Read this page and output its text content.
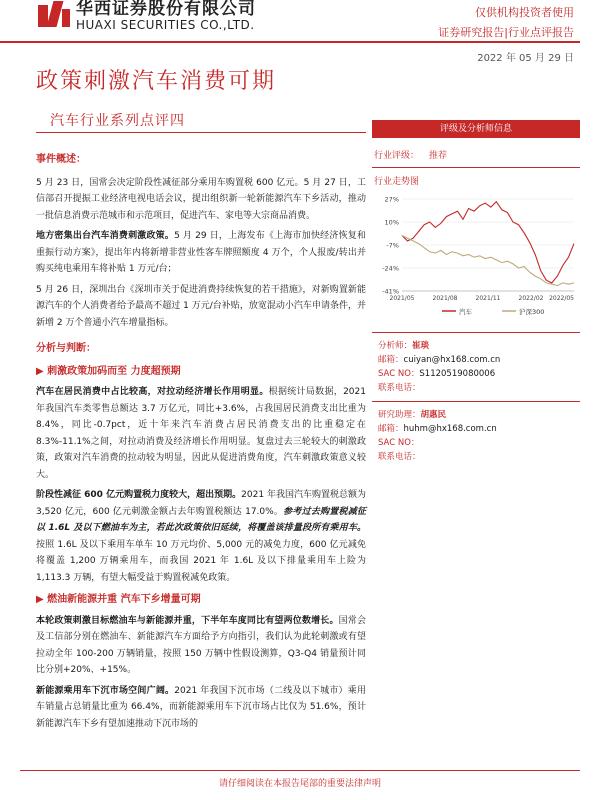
华西证券股份有限公司
HUAXI SECURITIES CO.,LTD.
仅供机构投资者使用
证券研究报告|行业点评报告
2022 年 05 月 29 日
政策刺激汽车消费可期
汽车行业系列点评四
事件概述：

5 月 23 日，国常会决定阶段性减征部分乘用车购置税 600 亿元。5 月 27 日，工信部召开提振工业经济电视电话会议，提出组织新一轮新能源汽车下乡活动，推动一批信息消费示范城市和示范项目，促进汽车、家电等大宗商品消费。

地方密集出台汽车消费刺激政策。5 月 29 日，上海发布《上海市加快经济恢复和重振行动方案》，提出年内将新增非营业性客车牌照额度 4 万个，个人报废/转出并购买纯电乘用车将补贴 1 万元/台；

5 月 26 日，深圳出台《深圳市关于促进消费持续恢复的若干措施》，对新购置新能源汽车的个人消费者给予最高不超过 1 万元/台补贴，放宽混动小汽车申请条件，并新增 2 万个普通小汽车增量指标。

分析与判断：
▶ 刺激政策加码而至 力度超预期

汽车在居民消费中占比较高，对拉动经济增长作用明显。根据统计局数据，2021 年我国汽车类零售总额达 3.7 万亿元，同比+3.6%，占我国居民消费支出比重为 8.4%，同比-0.7pct，近十年来汽车消费占居民消费支出的比重稳定在 8.3%-11.1%之间，对拉动消费及经济增长作用明显。复盘过去三轮较大的刺激政策，政策对汽车消费的拉动较为明显，因此从促进消费角度，汽车刺激政策意义较大。

阶段性减征 600 亿元购置税力度较大，超出预期。2021 年我国汽车购置税总额为 3,520 亿元，600 亿元刺激金额占去年购置税额达 17.0%。参考过去购置税减征以 1.6L 及以下燃油车为主，若此次政策依旧延续，将覆盖该排量段所有乘用车。按照 1.6L 及以下乘用车单车 10 万元均价、5,000 元的减免力度，600 亿元减免将覆盖 1,200 万辆乘用车，而我国 2021 年 1.6L 及以下排量乘用车上险为 1,113.3 万辆，有望大幅受益于购置税减免政策。

▶ 燃油新能源并重 汽车下乡增量可期

本轮政策刺激目标燃油车与新能源并重，下半年车度同比有望两位数增长。国常会及工信部分别在燃油车、新能源汽车方面给予方向指引，我们认为此轮刺激或有望拉动全年 100-200 万辆销量，按照 150 万辆中性假设测算，Q3-Q4 销量预计同比分别+20%、+15%。

新能源乘用车下沉市场空间广阔。2021 年我国下沉市场（二线及以下城市）乘用车销量占总销量比重为 66.4%，而新能源乘用车下沉市场占比仅为 51.6%，预计新能源汽车下乡有望加速推动下沉市场的

评级及分析师信息
行业评级： 推荐
行业走势图
27%
10%
-7%
-24%
-41%
2021/05	2021/08	2021/11	2022/02 2022/05
汽车	沪深300
分析师：崔琰
邮箱：cuiyan@hx168.com.cn
SAC NO：S1120519080006
联系电话：
研究助理：胡惠民
邮箱：huhm@hx168.com.cn
SAC NO：
联系电话：
请仔细阅读在本报告尾部的重要法律声明
